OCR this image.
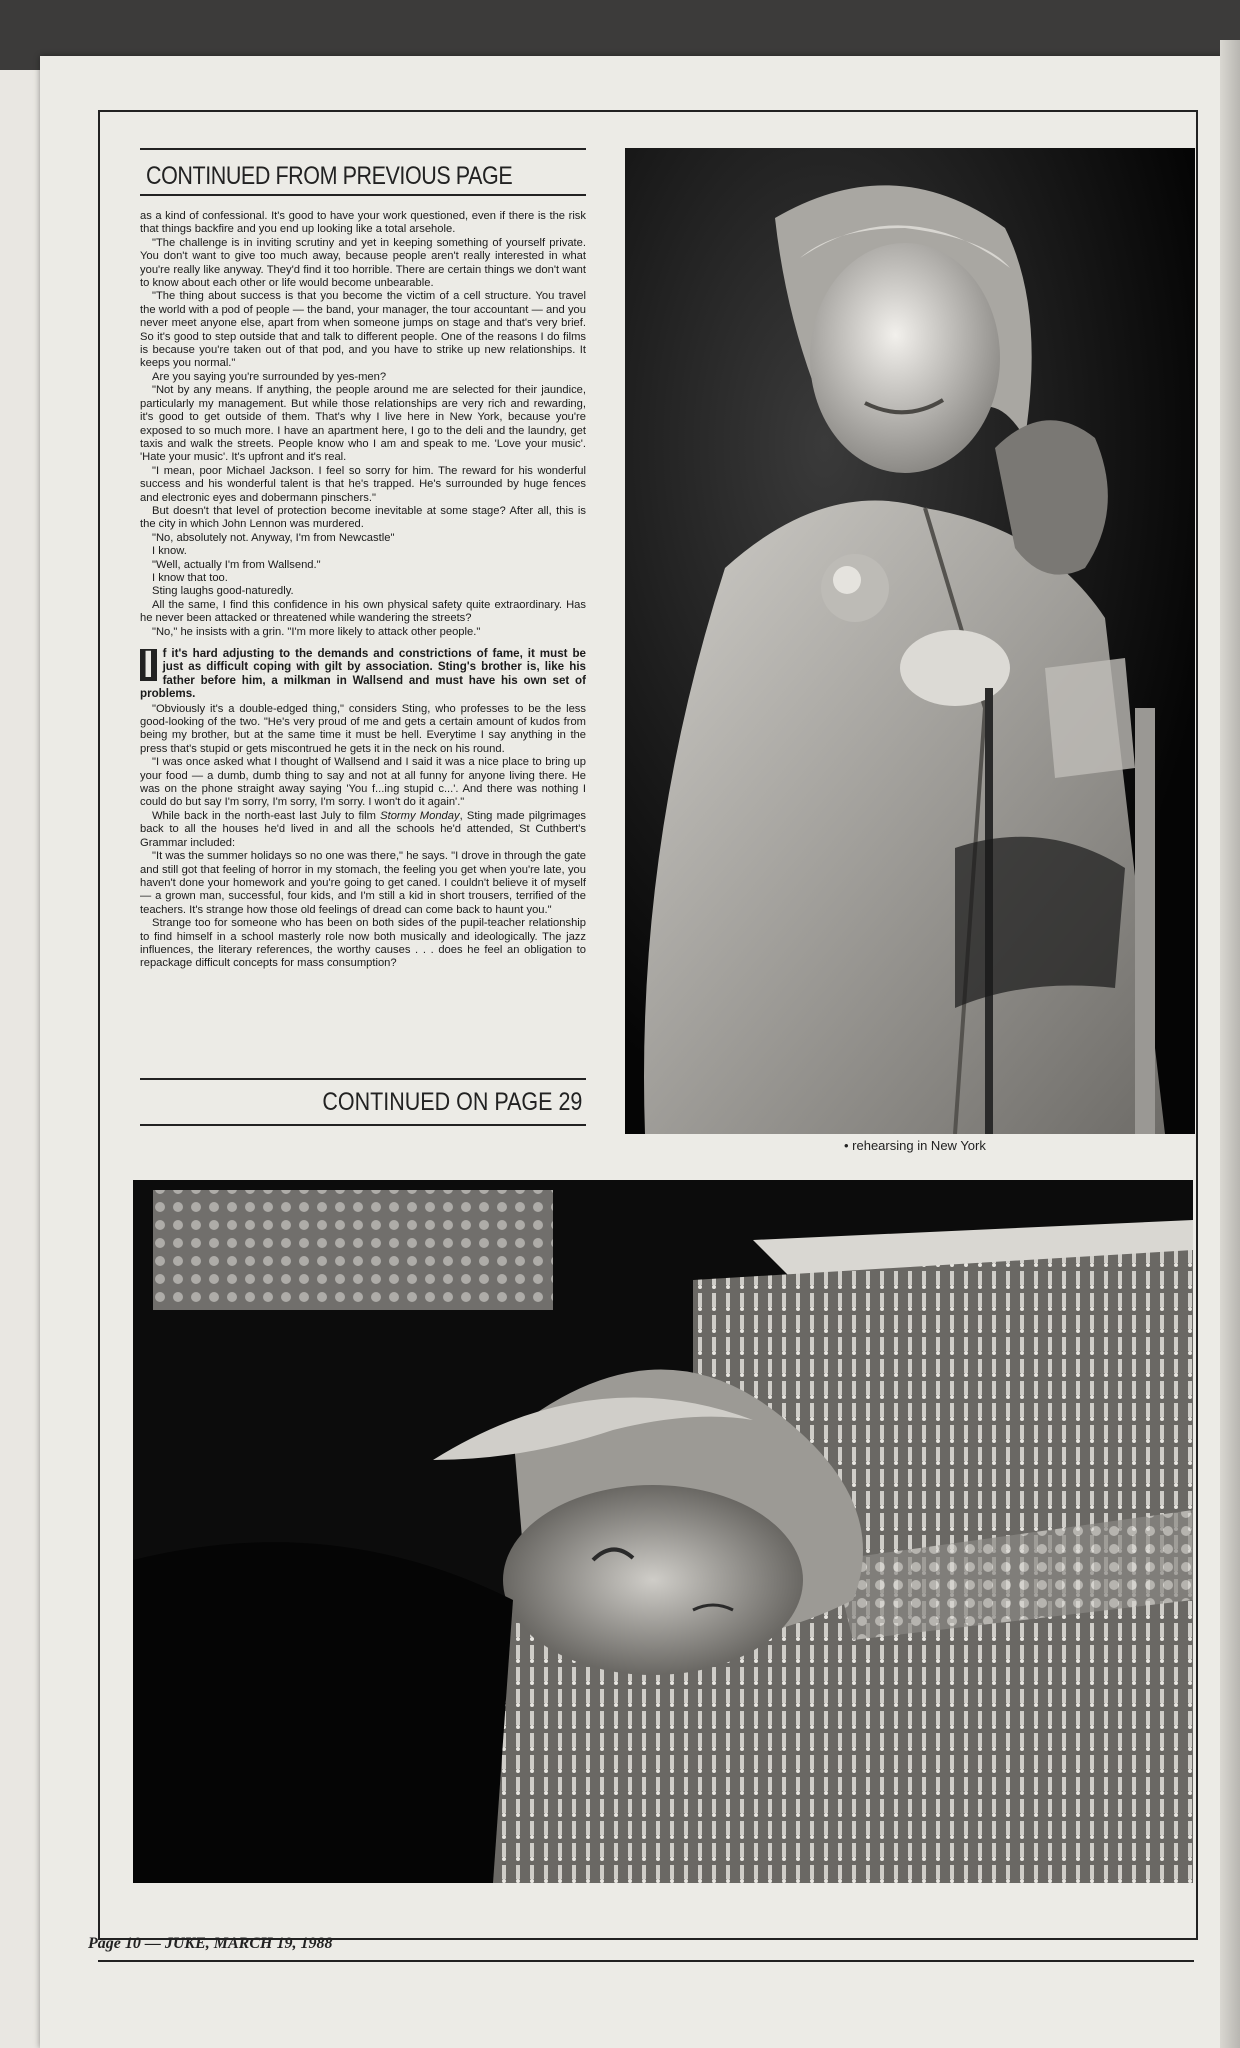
CONTINUED FROM PREVIOUS PAGE

as a kind of confessional. It's good to have your work questioned, even if there is the risk that things backfire and you end up looking like a total arsehole.

"The challenge is in inviting scrutiny and yet in keeping something of yourself private. You don't want to give too much away, because people aren't really interested in what you're really like anyway. They'd find it too horrible. There are certain things we don't want to know about each other or life would become unbearable.

"The thing about success is that you become the victim of a cell structure. You travel the world with a pod of people — the band, your manager, the tour accountant — and you never meet anyone else, apart from when someone jumps on stage and that's very brief. So it's good to step outside that and talk to different people. One of the reasons I do films is because you're taken out of that pod, and you have to strike up new relationships. It keeps you normal."

Are you saying you're surrounded by yes-men?

"Not by any means. If anything, the people around me are selected for their jaundice, particularly my management. But while those relationships are very rich and rewarding, it's good to get outside of them. That's why I live here in New York, because you're exposed to so much more. I have an apartment here, I go to the deli and the laundry, get taxis and walk the streets. People know who I am and speak to me. 'Love your music'. 'Hate your music'. It's upfront and it's real.

"I mean, poor Michael Jackson. I feel so sorry for him. The reward for his wonderful success and his wonderful talent is that he's trapped. He's surrounded by huge fences and electronic eyes and dobermann pinschers."

But doesn't that level of protection become inevitable at some stage? After all, this is the city in which John Lennon was murdered.

"No, absolutely not. Anyway, I'm from Newcastle"

I know.

"Well, actually I'm from Wallsend."

I know that too.

Sting laughs good-naturedly.

All the same, I find this confidence in his own physical safety quite extraordinary. Has he never been attacked or threatened while wandering the streets?

"No," he insists with a grin. "I'm more likely to attack other people."

I f it's hard adjusting to the demands and constrictions of fame, it must be just as difficult coping with gilt by association. Sting's brother is, like his father before him, a milkman in Wallsend and must have his own set of problems.

"Obviously it's a double-edged thing," considers Sting, who professes to be the less good-looking of the two. "He's very proud of me and gets a certain amount of kudos from being my brother, but at the same time it must be hell. Everytime I say anything in the press that's stupid or gets miscontrued he gets it in the neck on his round.

"I was once asked what I thought of Wallsend and I said it was a nice place to bring up your food — a dumb, dumb thing to say and not at all funny for anyone living there. He was on the phone straight away saying 'You f...ing stupid c...'. And there was nothing I could do but say I'm sorry, I'm sorry, I'm sorry. I won't do it again'."

While back in the north-east last July to film Stormy Monday, Sting made pilgrimages back to all the houses he'd lived in and all the schools he'd attended, St Cuthbert's Grammar included:

"It was the summer holidays so no one was there," he says. "I drove in through the gate and still got that feeling of horror in my stomach, the feeling you get when you're late, you haven't done your homework and you're going to get caned. I couldn't believe it of myself — a grown man, successful, four kids, and I'm still a kid in short trousers, terrified of the teachers. It's strange how those old feelings of dread can come back to haunt you."

Strange too for someone who has been on both sides of the pupil-teacher relationship to find himself in a school masterly role now both musically and ideologically. The jazz influences, the literary references, the worthy causes . . . does he feel an obligation to repackage difficult concepts for mass consumption?

CONTINUED ON PAGE 29
• rehearsing in New York
Page 10 — JUKE, MARCH 19, 1988
